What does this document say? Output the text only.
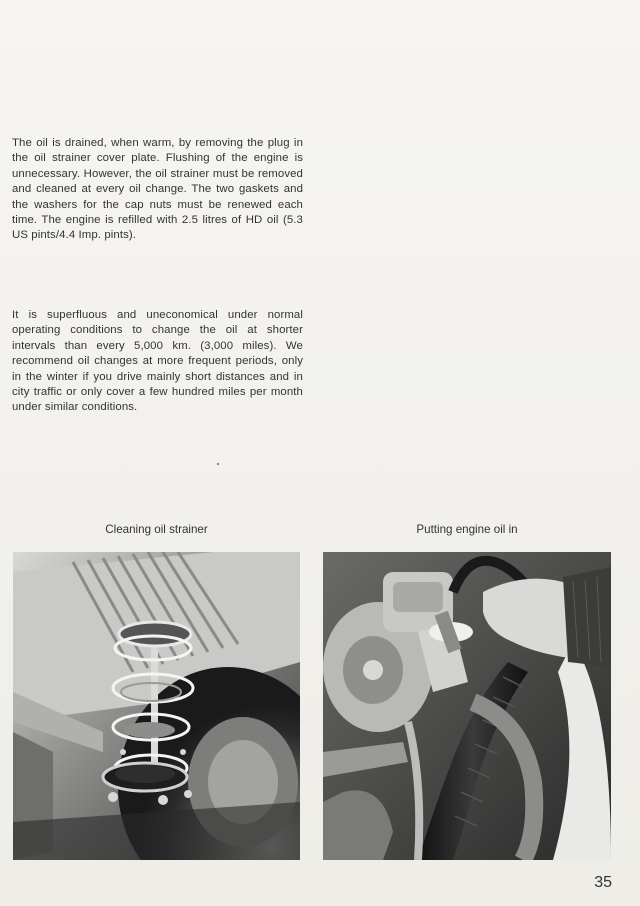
The oil is drained, when warm, by removing the plug in the oil strainer cover plate. Flushing of the engine is unnecessary. However, the oil strainer must be removed and cleaned at every oil change. The two gaskets and the washers for the cap nuts must be renewed each time. The engine is refilled with 2.5 litres of HD oil (5.3 US pints/4.4 Imp. pints).

It is superfluous and uneconomical under normal operating conditions to change the oil at shorter intervals than every 5,000 km. (3,000 miles). We recommend oil changes at more frequent periods, only in the winter if you drive mainly short distances and in city traffic or only cover a few hundred miles per month under similar conditions.

Cleaning oil strainer	Putting engine oil in

35
